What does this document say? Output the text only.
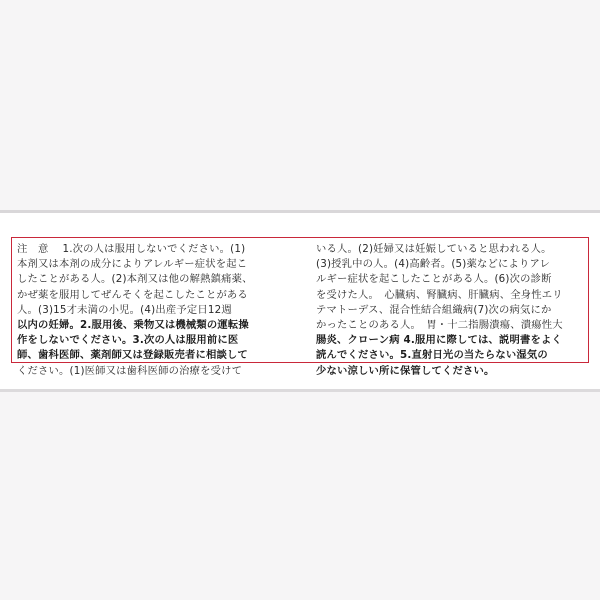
注　意　 1.次の人は服用しないでください。(1)
本剤又は本剤の成分によりアレルギー症状を起こ
したことがある人。(2)本剤又は他の解熱鎮痛薬、
かぜ薬を服用してぜんそくを起こしたことがある
人。(3)15才未満の小児。(4)出産予定日12週
以内の妊婦。2.服用後、乗物又は機械類の運転操
作をしないでください。3.次の人は服用前に医
師、歯科医師、薬剤師又は登録販売者に相談して
ください。(1)医師又は歯科医師の治療を受けて
いる人。(2)妊婦又は妊娠していると思われる人。
(3)授乳中の人。(4)高齢者。(5)薬などによりアレ
ルギー症状を起こしたことがある人。(6)次の診断
を受けた人。　心臓病、腎臓病、肝臓病、全身性エリ
テマトーデス、混合性結合組織病(7)次の病気にか
かったことのある人。　胃・十二指腸潰瘍、潰瘍性大
腸炎、クローン病 4.服用に際しては、説明書をよく
読んでください。5.直射日光の当たらない湿気の
少ない涼しい所に保管してください。
